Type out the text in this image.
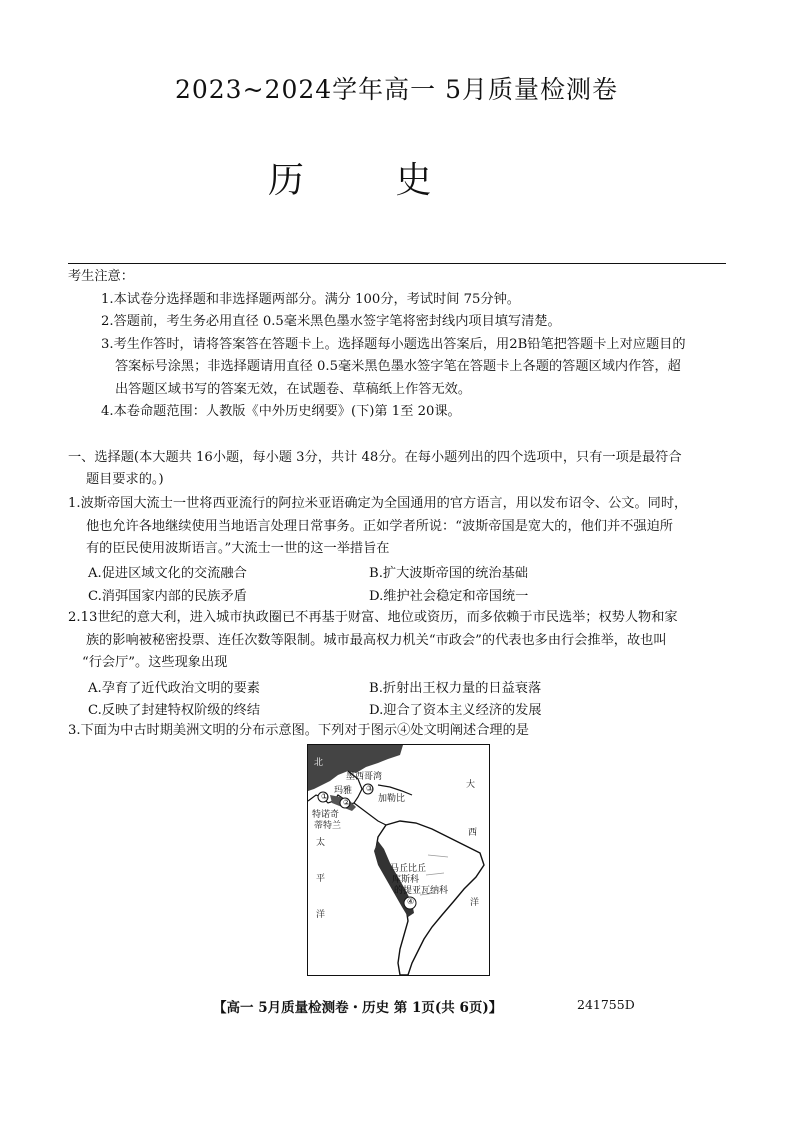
2023~2024学年高一 5月质量检测卷
历 史
考生注意：
1.本试卷分选择题和非选择题两部分。满分 100分，考试时间 75分钟。
2.答题前，考生务必用直径 0.5毫米黑色墨水签字笔将密封线内项目填写清楚。
3.考生作答时，请将答案答在答题卡上。选择题每小题选出答案后，用2B铅笔把答题卡上对应题目的
答案标号涂黑；非选择题请用直径 0.5毫米黑色墨水签字笔在答题卡上各题的答题区域内作答，超
出答题区域书写的答案无效，在试题卷、草稿纸上作答无效。
4.本卷命题范围：人教版《中外历史纲要》(下)第 1至 20课。
一、选择题(本大题共 16小题，每小题 3分，共计 48分。在每小题列出的四个选项中，只有一项是最符合
题目要求的。)
1.波斯帝国大流士一世将西亚流行的阿拉米亚语确定为全国通用的官方语言，用以发布诏令、公文。同时，
他也允许各地继续使用当地语言处理日常事务。正如学者所说：“波斯帝国是宽大的，他们并不强迫所
有的臣民使用波斯语言。”大流士一世的这一举措旨在
A.促进区域文化的交流融合	B.扩大波斯帝国的统治基础
C.消弭国家内部的民族矛盾	D.维护社会稳定和帝国统一
2.13世纪的意大利，进入城市执政圈已不再基于财富、地位或资历，而多依赖于市民选举；权势人物和家
族的影响被秘密投票、连任次数等限制。城市最高权力机关“市政会”的代表也多由行会推举，故也叫
“行会厅”。这些现象出现
A.孕育了近代政治文明的要素	B.折射出王权力量的日益衰落
C.反映了封建特权阶级的终结	D.迎合了资本主义经济的发展
3.下面为中古时期美洲文明的分布示意图。下列对于图示④处文明阐述合理的是
北
大
西
洋
太
平
洋
墨西哥湾
玛雅
①
②
③
加勒比
特诺奇
蒂特兰
马丘比丘
库斯科
的提亚瓦纳科
④
【高一 5月质量检测卷・历史 第 1页(共 6页)】	241755D
